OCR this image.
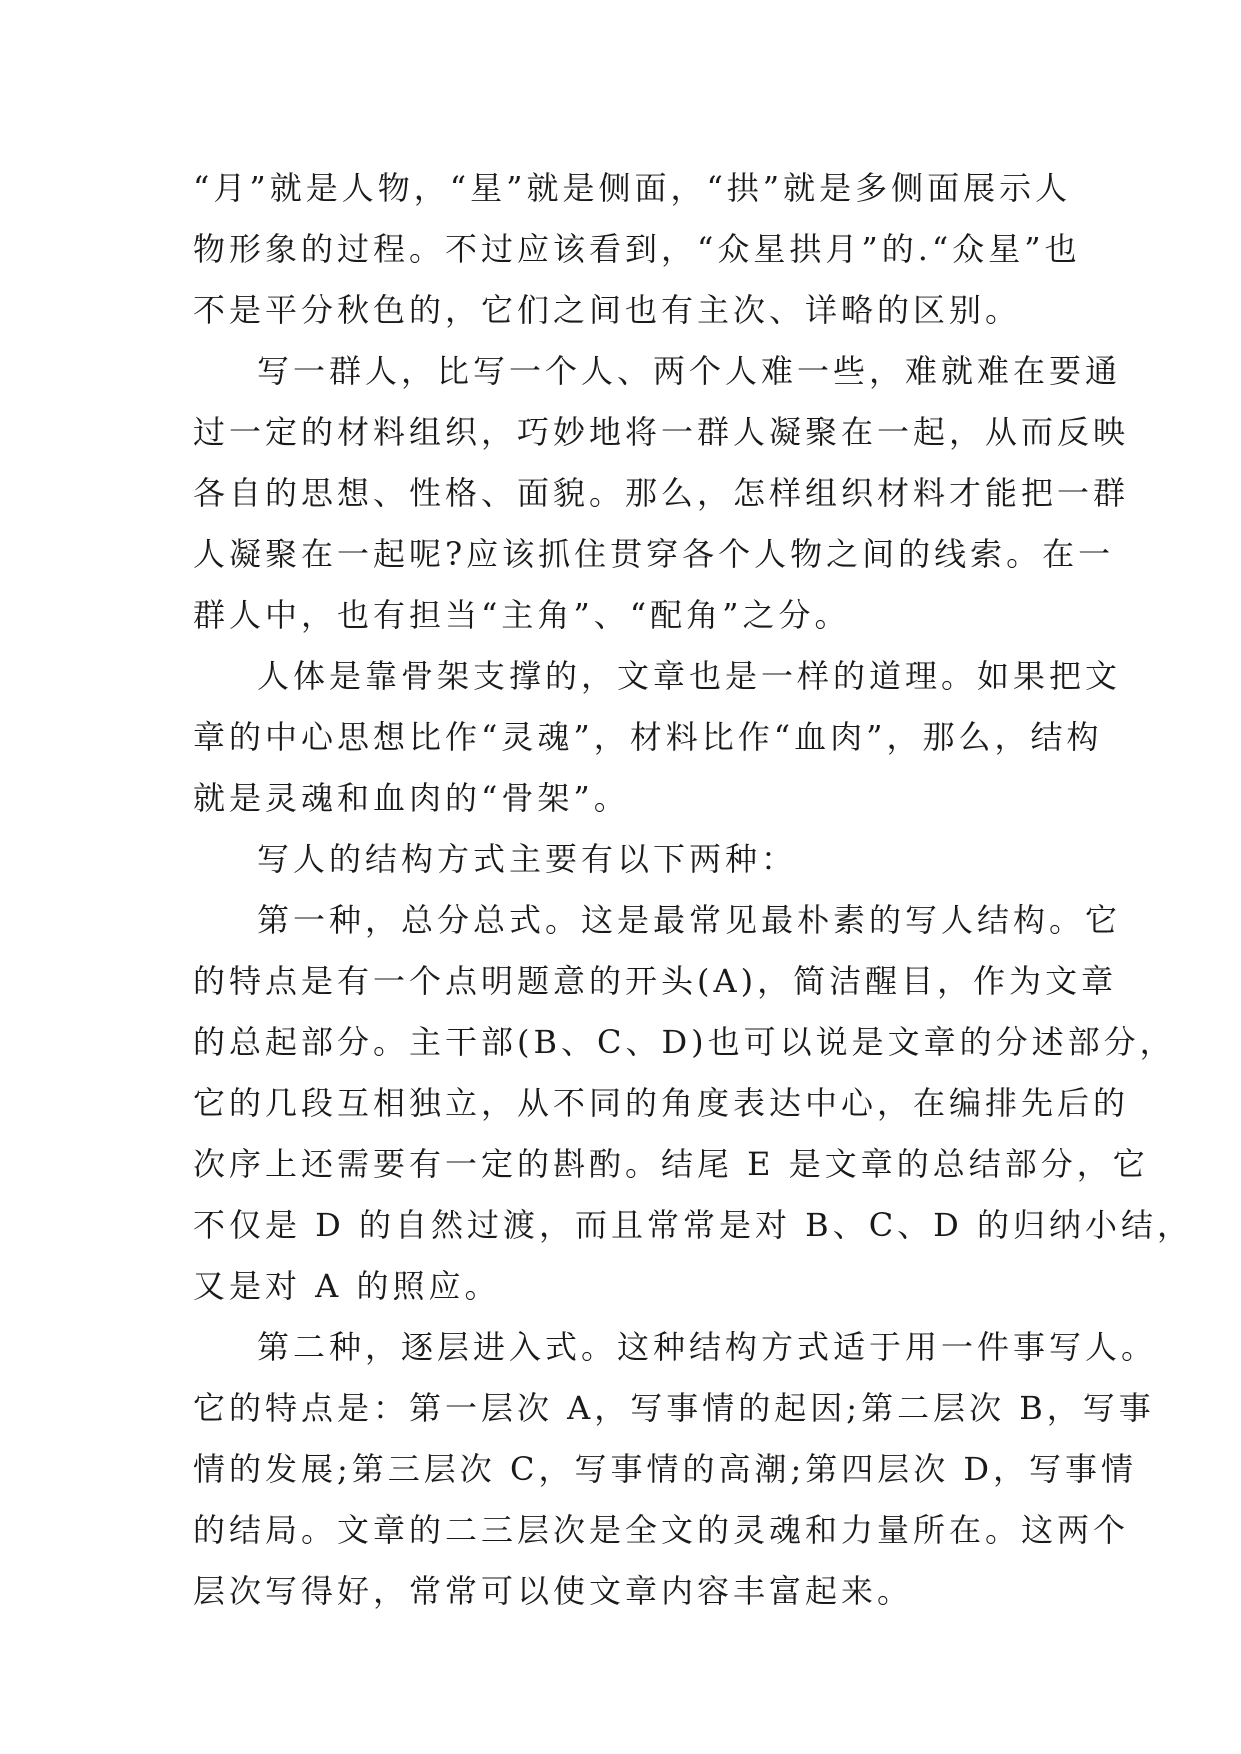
“月”就是人物，“星”就是侧面，“拱”就是多侧面展示人
物形象的过程。不过应该看到，“众星拱月”的.“众星”也
不是平分秋色的，它们之间也有主次、详略的区别。
写一群人，比写一个人、两个人难一些，难就难在要通
过一定的材料组织，巧妙地将一群人凝聚在一起，从而反映
各自的思想、性格、面貌。那么，怎样组织材料才能把一群
人凝聚在一起呢?应该抓住贯穿各个人物之间的线索。在一
群人中，也有担当“主角”、“配角”之分。
人体是靠骨架支撑的，文章也是一样的道理。如果把文
章的中心思想比作“灵魂”，材料比作“血肉”，那么，结构
就是灵魂和血肉的“骨架”。
写人的结构方式主要有以下两种：
第一种，总分总式。这是最常见最朴素的写人结构。它
的特点是有一个点明题意的开头(A)，简洁醒目，作为文章
的总起部分。主干部(B、C、D)也可以说是文章的分述部分，
它的几段互相独立，从不同的角度表达中心，在编排先后的
次序上还需要有一定的斟酌。结尾 E 是文章的总结部分，它
不仅是 D 的自然过渡，而且常常是对 B、C、D 的归纳小结，
又是对 A 的照应。
第二种，逐层进入式。这种结构方式适于用一件事写人。
它的特点是：第一层次 A，写事情的起因;第二层次 B，写事
情的发展;第三层次 C，写事情的高潮;第四层次 D，写事情
的结局。文章的二三层次是全文的灵魂和力量所在。这两个
层次写得好，常常可以使文章内容丰富起来。
